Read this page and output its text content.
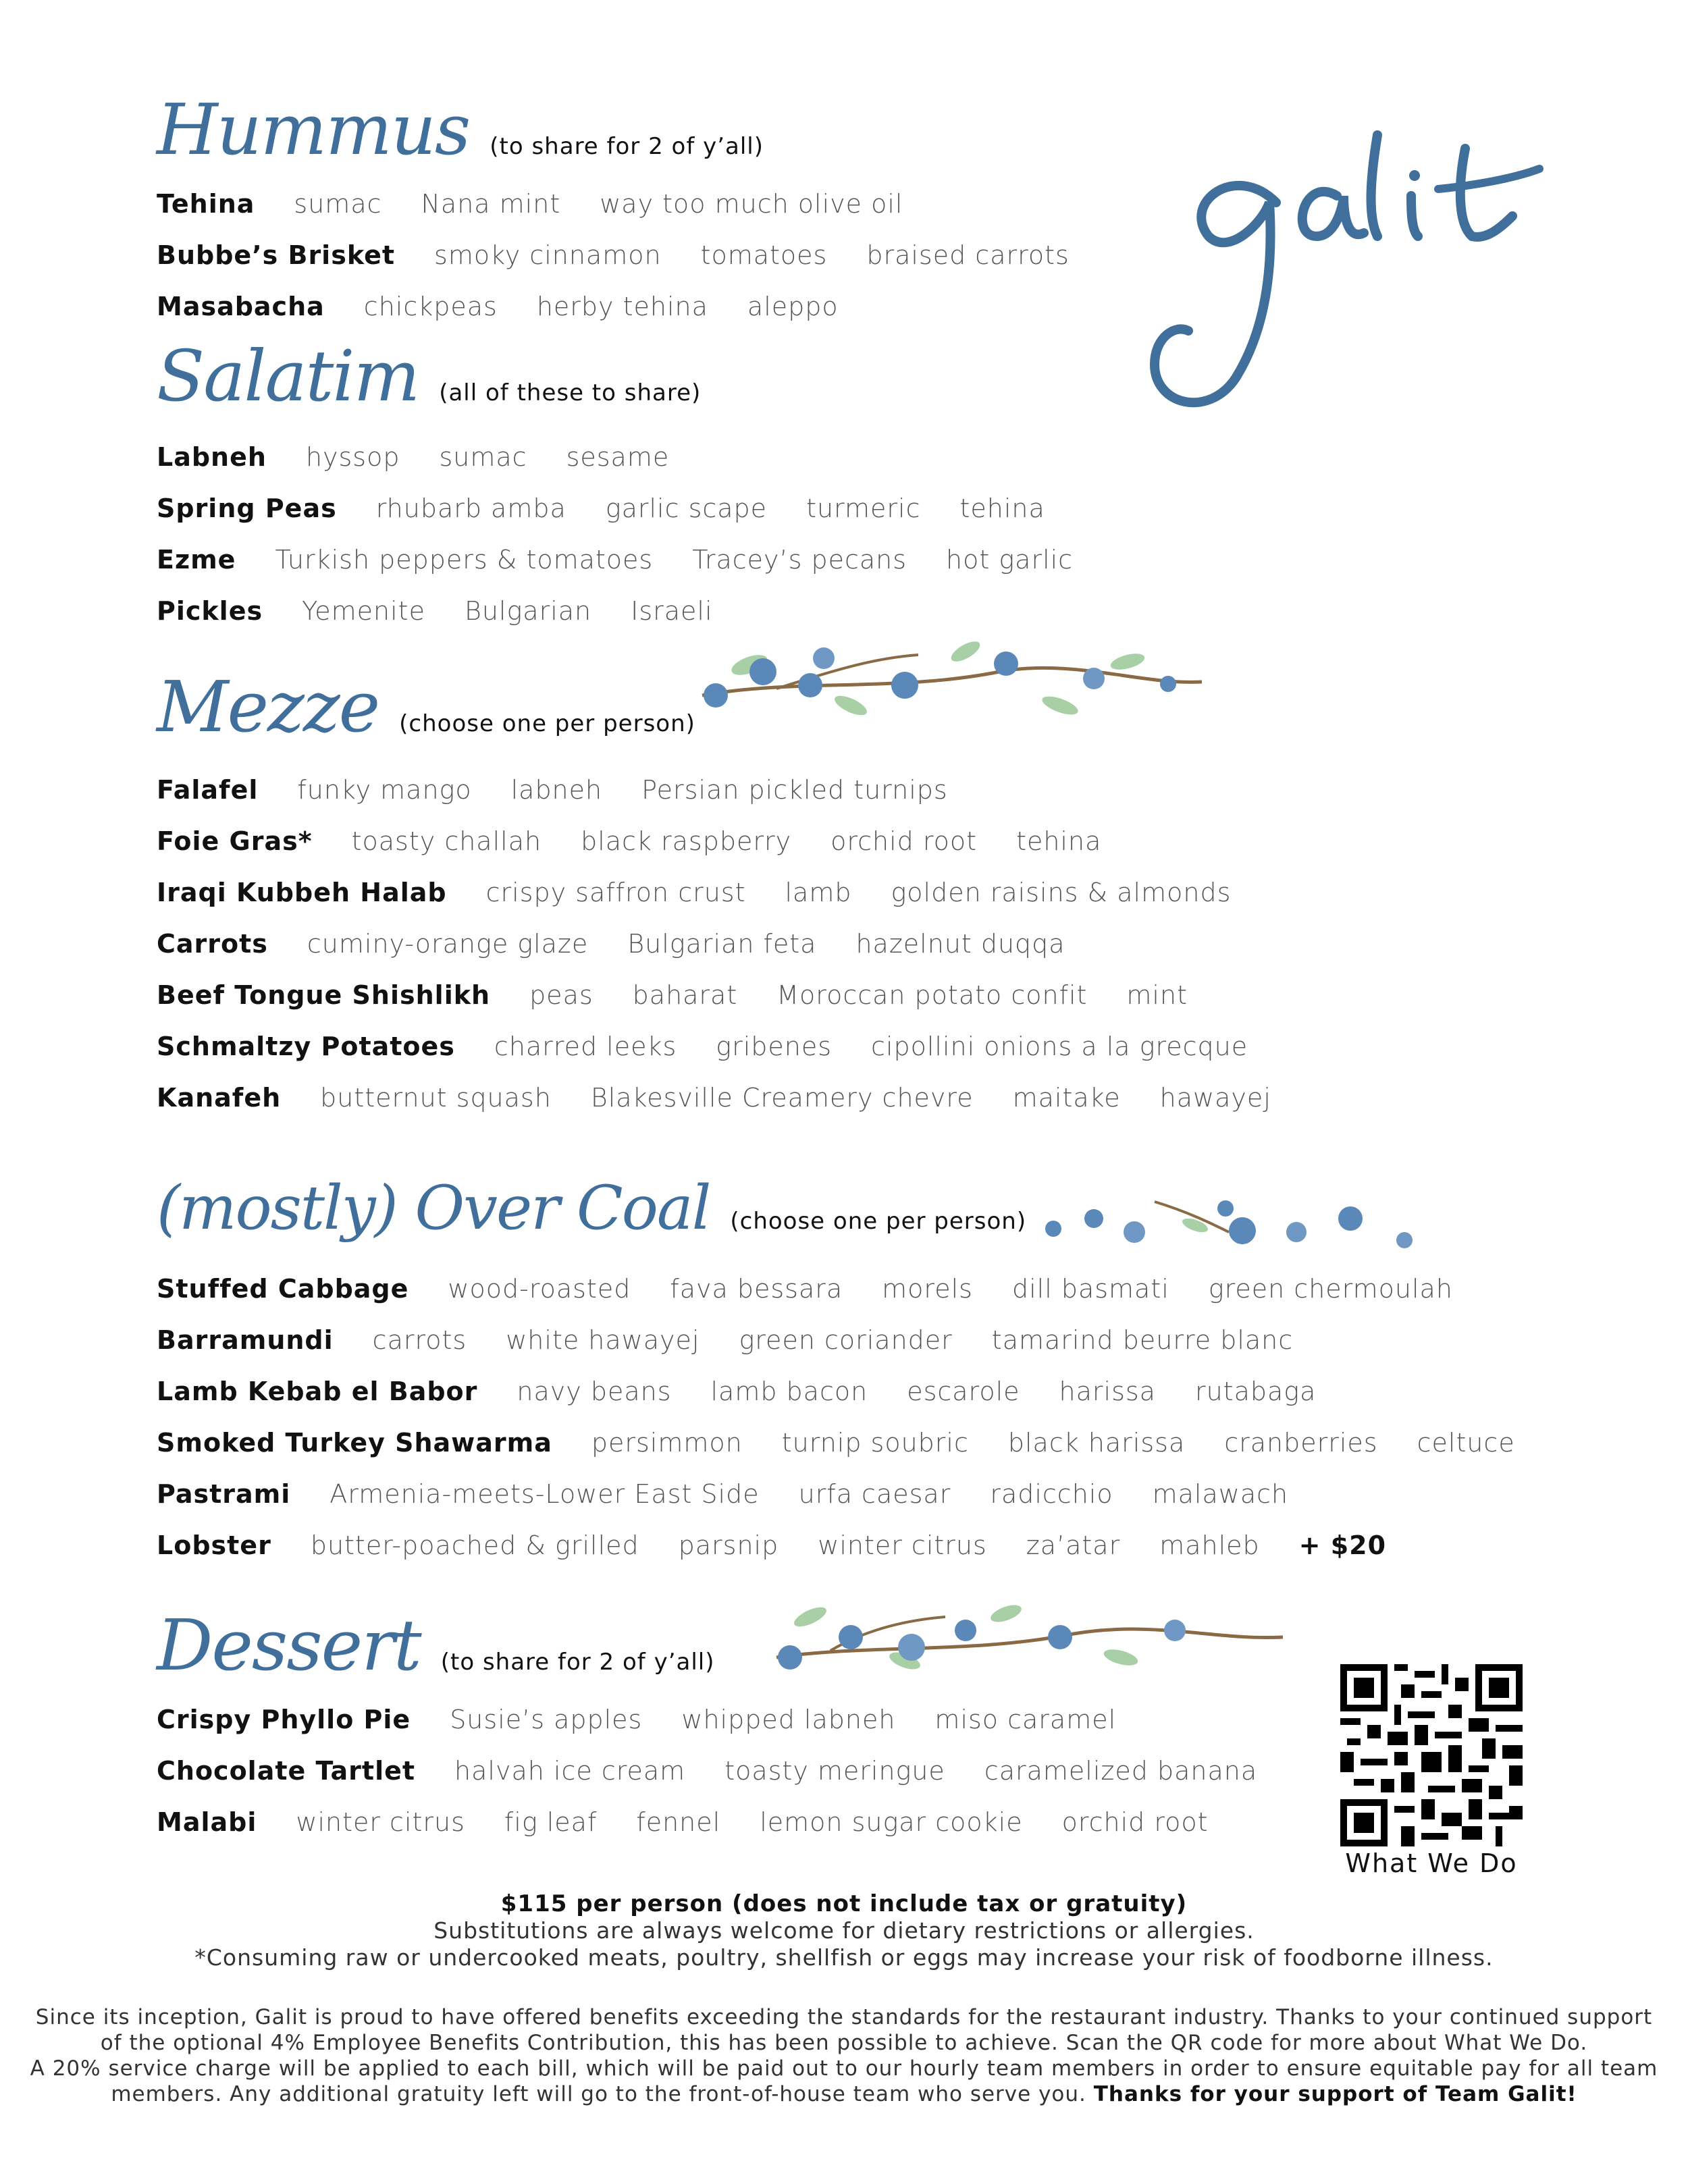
Hummus (to share for 2 of y’all)
Tehina sumac Nana mint way too much olive oil
Bubbe’s Brisket smoky cinnamon tomatoes braised carrots
Masabacha chickpeas herby tehina aleppo
Salatim (all of these to share)
Labneh hyssop sumac sesame
Spring Peas rhubarb amba garlic scape turmeric tehina
Ezme Turkish peppers & tomatoes Tracey’s pecans hot garlic
Pickles Yemenite Bulgarian Israeli
Mezze (choose one per person)
Falafel funky mango labneh Persian pickled turnips
Foie Gras* toasty challah black raspberry orchid root tehina
Iraqi Kubbeh Halab crispy saffron crust lamb golden raisins & almonds
Carrots cuminy-orange glaze Bulgarian feta hazelnut duqqa
Beef Tongue Shishlikh peas baharat Moroccan potato confit mint
Schmaltzy Potatoes charred leeks gribenes cipollini onions a la grecque
Kanafeh butternut squash Blakesville Creamery chevre maitake hawayej
(mostly) Over Coal (choose one per person)
Stuffed Cabbage wood-roasted fava bessara morels dill basmati green chermoulah
Barramundi carrots white hawayej green coriander tamarind beurre blanc
Lamb Kebab el Babor navy beans lamb bacon escarole harissa rutabaga
Smoked Turkey Shawarma persimmon turnip soubric black harissa cranberries celtuce
Pastrami Armenia-meets-Lower East Side urfa caesar radicchio malawach
Lobster butter-poached & grilled parsnip winter citrus za’atar mahleb + $20
Dessert (to share for 2 of y’all)
Crispy Phyllo Pie Susie’s apples whipped labneh miso caramel
Chocolate Tartlet halvah ice cream toasty meringue caramelized banana
Malabi winter citrus fig leaf fennel lemon sugar cookie orchid root
What We Do
$115 per person (does not include tax or gratuity)
Substitutions are always welcome for dietary restrictions or allergies.
*Consuming raw or undercooked meats, poultry, shellfish or eggs may increase your risk of foodborne illness.
Since its inception, Galit is proud to have offered benefits exceeding the standards for the restaurant industry. Thanks to your continued support
of the optional 4% Employee Benefits Contribution, this has been possible to achieve. Scan the QR code for more about What We Do.
A 20% service charge will be applied to each bill, which will be paid out to our hourly team members in order to ensure equitable pay for all team
members. Any additional gratuity left will go to the front-of-house team who serve you. Thanks for your support of Team Galit!
